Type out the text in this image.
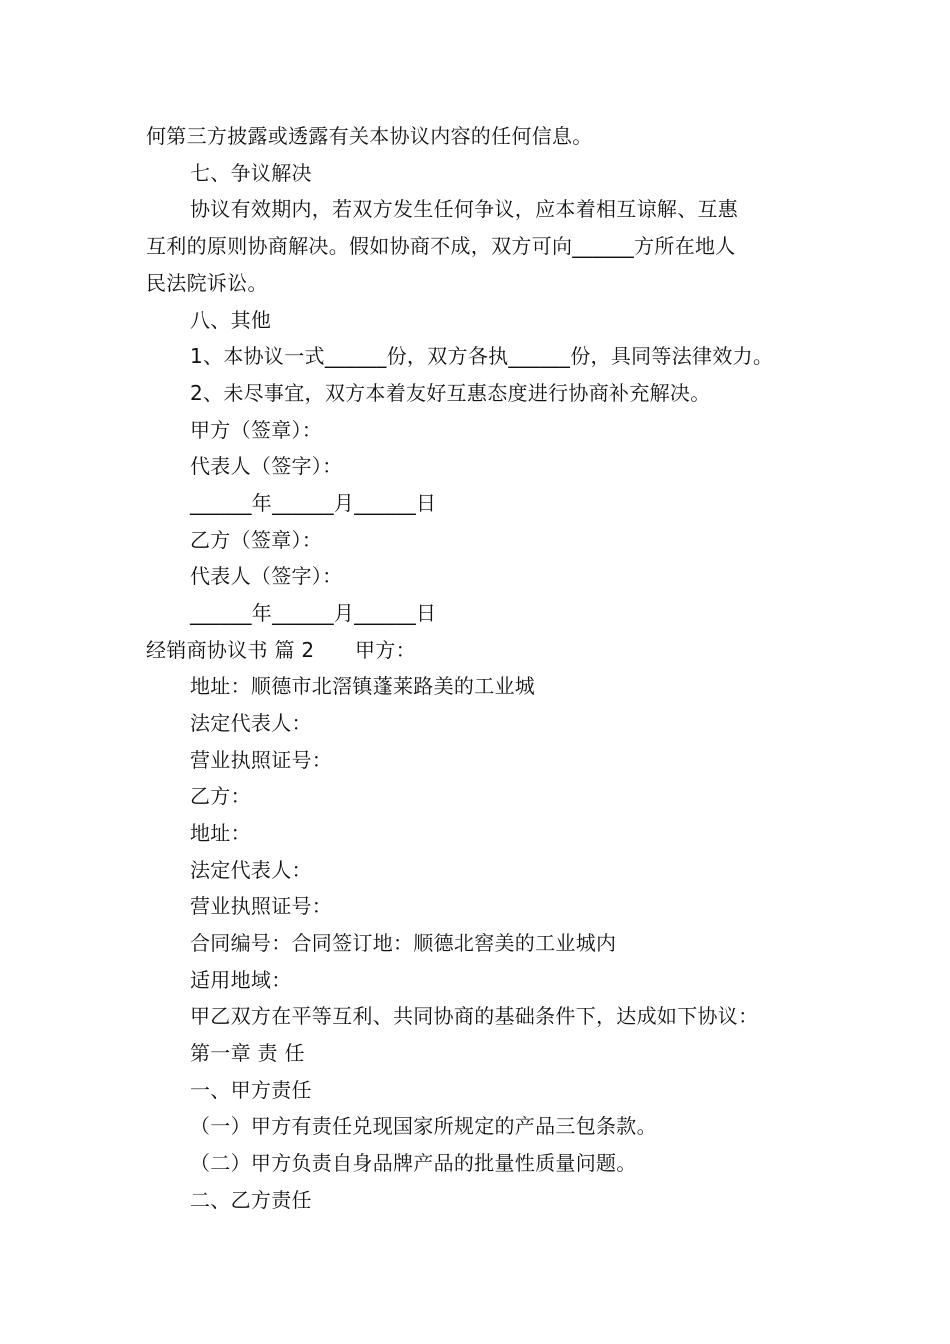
何第三方披露或透露有关本协议内容的任何信息。
七、争议解决
协议有效期内，若双方发生任何争议，应本着相互谅解、互惠
互利的原则协商解决。假如协商不成，双方可向______方所在地人
民法院诉讼。
八、其他
1、本协议一式______份，双方各执______份，具同等法律效力。
2、未尽事宜，双方本着友好互惠态度进行协商补充解决。
甲方（签章）：
代表人（签字）：
______年______月______日
乙方（签章）：
代表人（签字）：
______年______月______日
经销商协议书 篇 2　　甲方：
地址：顺德市北滘镇蓬莱路美的工业城
法定代表人：
营业执照证号：
乙方：
地址：
法定代表人：
营业执照证号：
合同编号：合同签订地：顺德北窖美的工业城内
适用地域：
甲乙双方在平等互利、共同协商的基础条件下，达成如下协议：
第一章 责 任
一、甲方责任
（一）甲方有责任兑现国家所规定的产品三包条款。
（二）甲方负责自身品牌产品的批量性质量问题。
二、乙方责任
